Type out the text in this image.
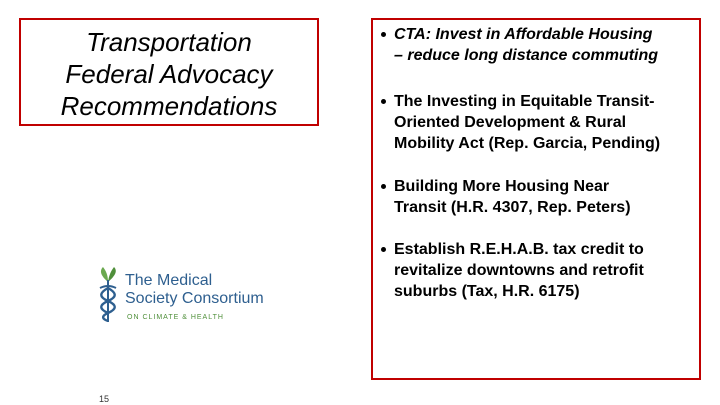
Transportation
Federal Advocacy
Recommendations
CTA: Invest in Affordable Housing
– reduce long distance commuting
The Investing in Equitable Transit-
Oriented Development & Rural
Mobility Act (Rep. Garcia, Pending)
Building More Housing Near
Transit (H.R. 4307, Rep. Peters)
Establish R.E.H.A.B. tax credit to
revitalize downtowns and retrofit
suburbs (Tax, H.R. 6175)
The Medical
Society Consortium
ON CLIMATE & HEALTH
15
